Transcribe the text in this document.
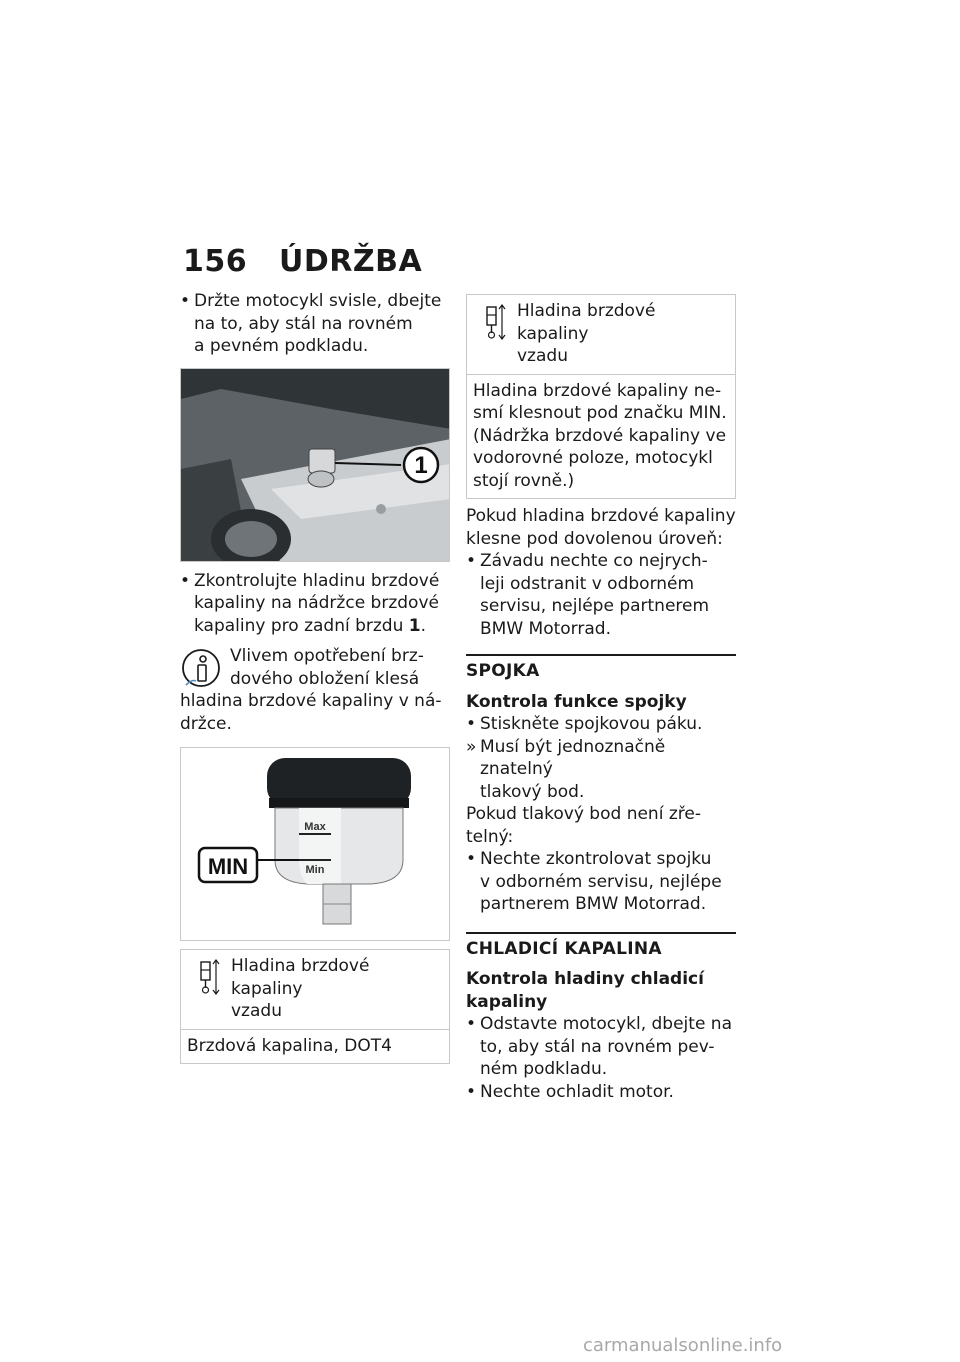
156 ÚDRŽBA
• Držte motocykl svisle, dbejte
na to, aby stál na rovném
a pevném podkladu.
1
• Zkontrolujte hladinu brzdové
kapaliny na nádržce brzdové
kapaliny pro zadní brzdu 1.
Vlivem opotřebení brz-
dového obložení klesá
hladina brzdové kapaliny v ná-
držce.
Max
Min
MIN
Hladina brzdové kapaliny
vzadu
Brzdová kapalina, DOT4
Hladina brzdové kapaliny
vzadu
Hladina brzdové kapaliny ne-
smí klesnout pod značku MIN.
(Nádržka brzdové kapaliny ve
vodorovné poloze, motocykl
stojí rovně.)

Pokud hladina brzdové kapaliny
klesne pod dovolenou úroveň:

• Závadu nechte co nejrych-
leji odstranit v odborném
servisu, nejlépe partnerem
BMW Motorrad.
SPOJKA
Kontrola funkce spojky
• Stiskněte spojkovou páku.
» Musí být jednoznačně znatelný
tlakový bod.

Pokud tlakový bod není zře-
telný:

• Nechte zkontrolovat spojku
v odborném servisu, nejlépe
partnerem BMW Motorrad.
CHLADICÍ KAPALINA
Kontrola hladiny chladicí
kapaliny
• Odstavte motocykl, dbejte na
to, aby stál na rovném pev-
ném podkladu.
• Nechte ochladit motor.
carmanualsonline.info
